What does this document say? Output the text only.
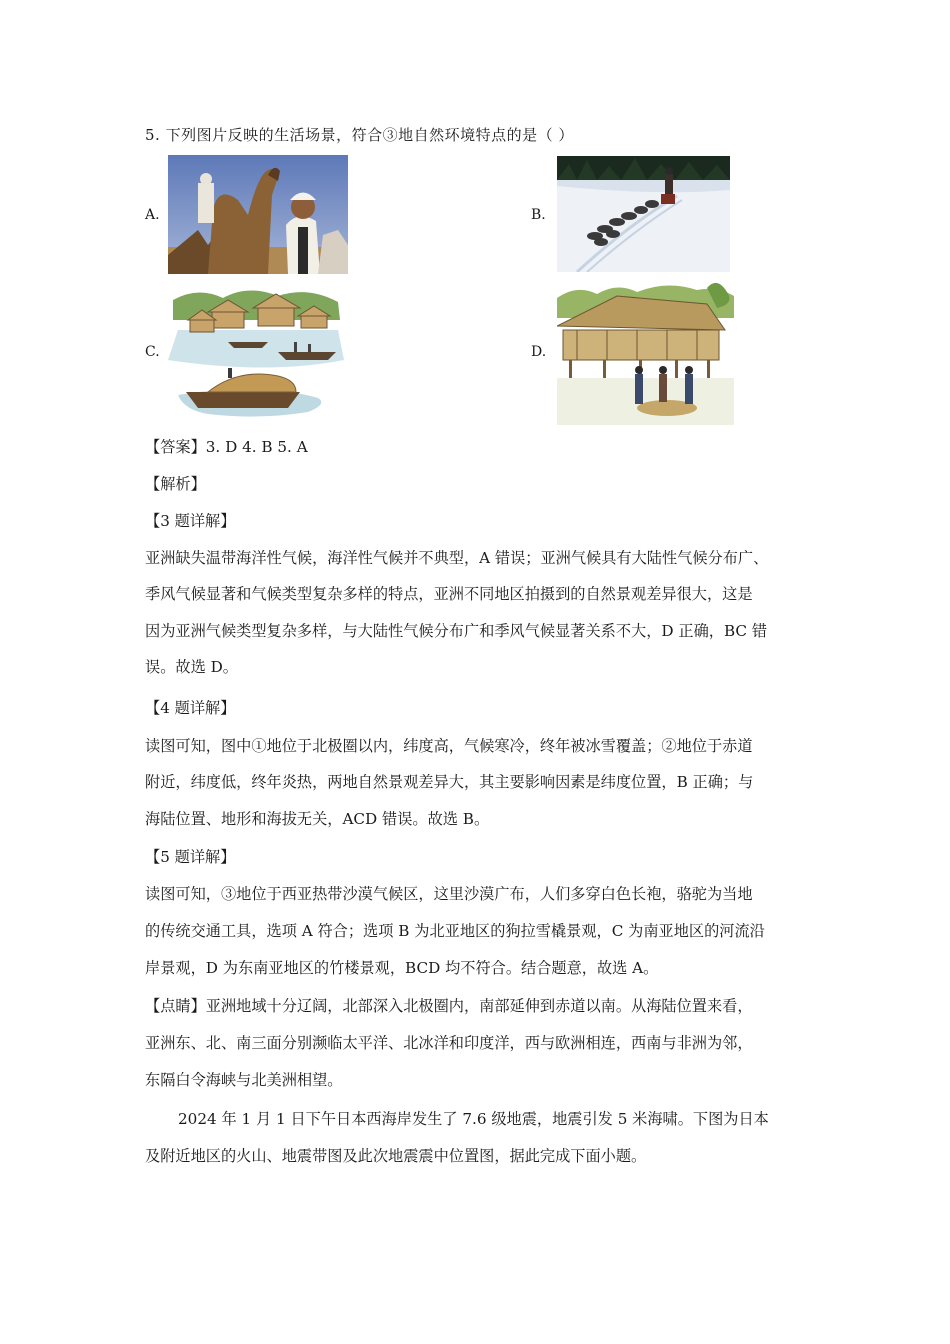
5. 下列图片反映的生活场景，符合③地自然环境特点的是（ ）
A.	B.
C.	D.
【答案】3. D 4. B 5. A
【解析】
【3 题详解】
亚洲缺失温带海洋性气候，海洋性气候并不典型，A 错误；亚洲气候具有大陆性气候分布广、
季风气候显著和气候类型复杂多样的特点，亚洲不同地区拍摄到的自然景观差异很大，这是
因为亚洲气候类型复杂多样，与大陆性气候分布广和季风气候显著关系不大，D 正确，BC 错
误。故选 D。
【4 题详解】
读图可知，图中①地位于北极圈以内，纬度高，气候寒冷，终年被冰雪覆盖；②地位于赤道
附近，纬度低，终年炎热，两地自然景观差异大，其主要影响因素是纬度位置，B 正确；与
海陆位置、地形和海拔无关，ACD 错误。故选 B。
【5 题详解】
读图可知，③地位于西亚热带沙漠气候区，这里沙漠广布，人们多穿白色长袍，骆驼为当地
的传统交通工具，选项 A 符合；选项 B 为北亚地区的狗拉雪橇景观，C 为南亚地区的河流沿
岸景观，D 为东南亚地区的竹楼景观，BCD 均不符合。结合题意，故选 A。
【点睛】亚洲地域十分辽阔，北部深入北极圈内，南部延伸到赤道以南。从海陆位置来看，
亚洲东、北、南三面分别濒临太平洋、北冰洋和印度洋，西与欧洲相连，西南与非洲为邻，
东隔白令海峡与北美洲相望。
2024 年 1 月 1 日下午日本西海岸发生了 7.6 级地震，地震引发 5 米海啸。下图为日本
及附近地区的火山、地震带图及此次地震震中位置图，据此完成下面小题。
